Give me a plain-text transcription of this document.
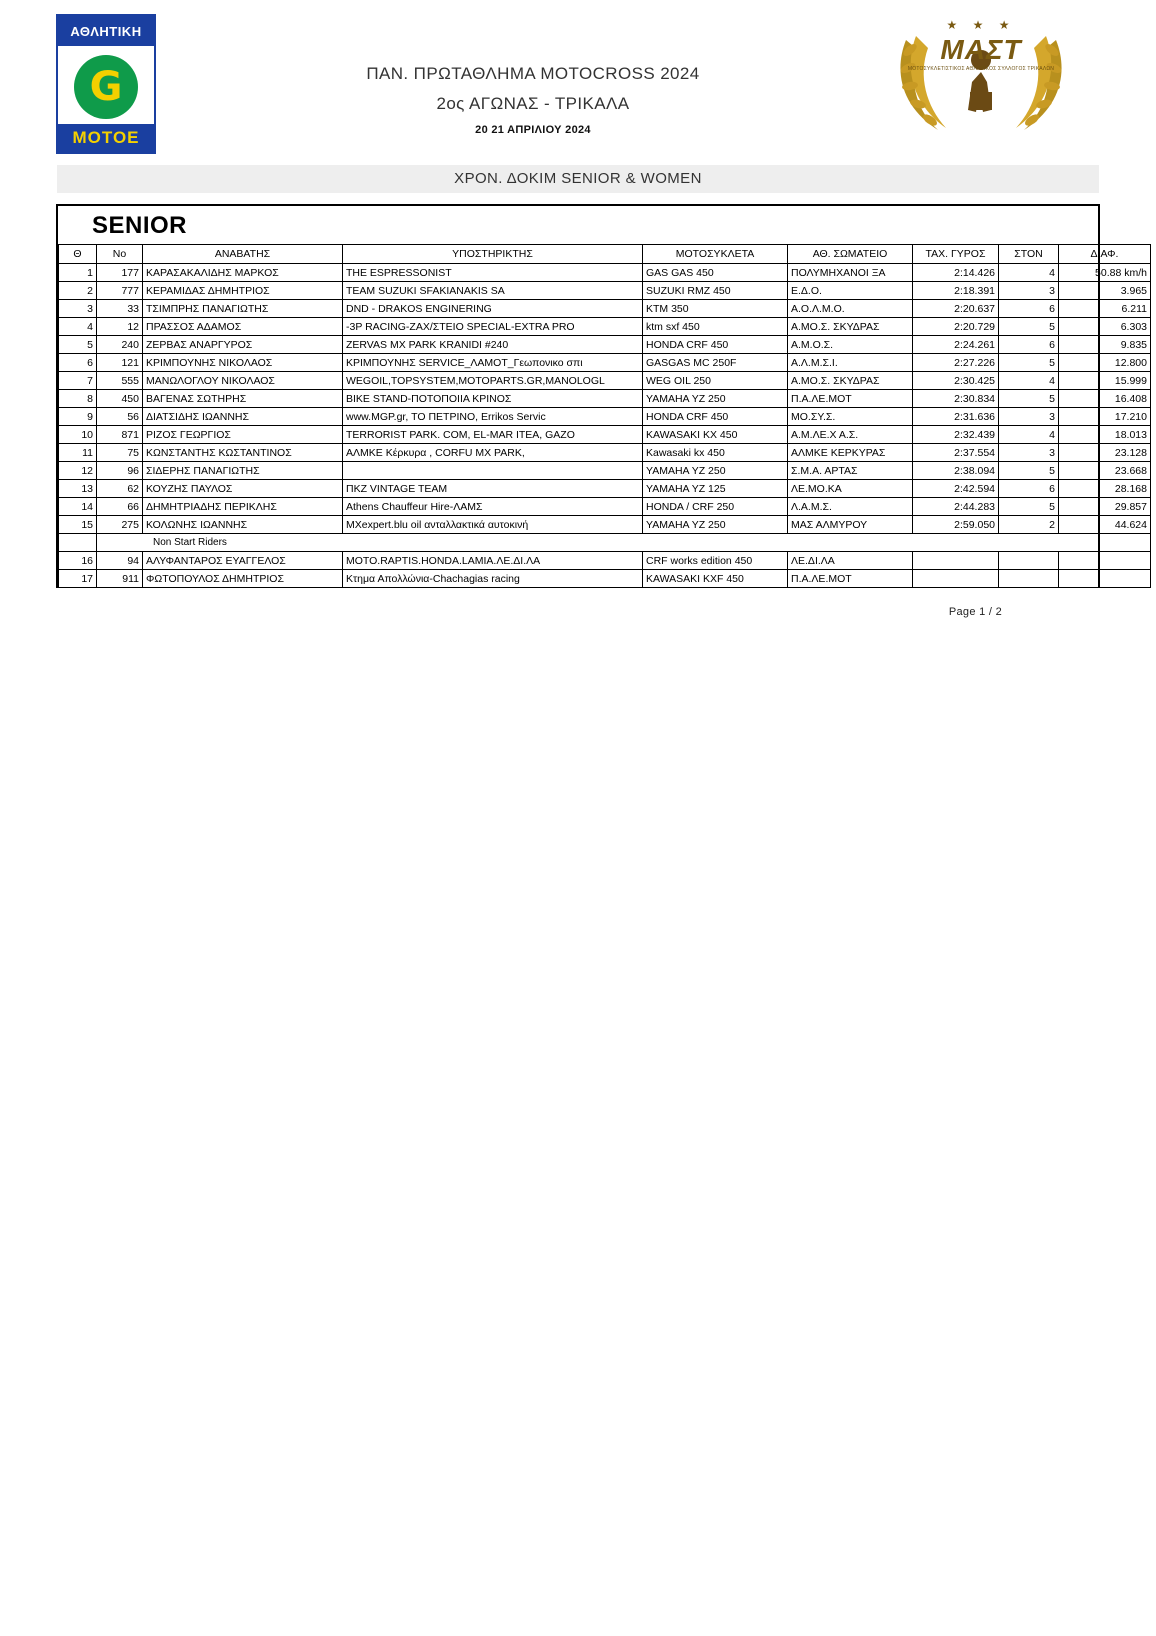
ΑΘΛΗΤΙΚΗ
G
ΜΟΤΟΕ
ΠΑΝ. ΠΡΩΤΑΘΛΗΜΑ MOTOCROSS 2024
2ος ΑΓΩΝΑΣ - ΤΡΙΚΑΛΑ
20 21 ΑΠΡΙΛΙΟΥ 2024
★ ★ ★
ΜΑΣΤ
ΜΟΤΟΣΥΚΛΕΤΙΣΤΙΚΟΣ ΑΘΛΗΤΙΚΟΣ ΣΥΛΛΟΓΟΣ ΤΡΙΚΑΛΩΝ
ΧΡΟΝ. ΔΟΚΙΜ SENIOR & WOMEN
SENIOR
Θ	Νο	ΑΝΑΒΑΤΗΣ	ΥΠΟΣΤΗΡΙΚΤΗΣ	ΜΟΤΟΣΥΚΛΕΤΑ	ΑΘ. ΣΩΜΑΤΕΙΟ	ΤΑΧ. ΓΥΡΟΣ	ΣΤΟΝ	ΔΙΑΦ.
1	177	ΚΑΡΑΣΑΚΑΛΙΔΗΣ ΜΑΡΚΟΣ	THE ESPRESSONIST	GAS GAS 450	ΠΟΛΥΜΗΧΑΝΟΙ ΞΑ	2:14.426	4	50.88 km/h
2	777	ΚΕΡΑΜΙΔΑΣ ΔΗΜΗΤΡΙΟΣ	TEAM SUZUKI SFAKIANAKIS SA	SUZUKI RMZ 450	Ε.Δ.Ο.	2:18.391	3	3.965
3	33	ΤΣΙΜΠΡΗΣ ΠΑΝΑΓΙΩΤΗΣ	DND - DRAKOS ENGINERING	KTM 350	Α.Ο.Λ.Μ.Ο.	2:20.637	6	6.211
4	12	ΠΡΑΣΣΟΣ ΑΔΑΜΟΣ	-3P RACING-ΖΑΧ/ΣΤΕΙΟ SPECIAL-EXTRA PRO	ktm sxf 450	Α.ΜΟ.Σ. ΣΚΥΔΡΑΣ	2:20.729	5	6.303
5	240	ΖΕΡΒΑΣ ΑΝΑΡΓΥΡΟΣ	ZERVAS MX PARK KRANIDI #240	HONDA CRF 450	Α.Μ.Ο.Σ.	2:24.261	6	9.835
6	121	ΚΡΙΜΠΟΥΝΗΣ ΝΙΚΟΛΑΟΣ	ΚΡΙΜΠΟΥΝΗΣ SERVICE_ΛΑΜΟΤ_Γεωπονικο σπι	GASGAS MC 250F	Α.Λ.Μ.Σ.Ι.	2:27.226	5	12.800
7	555	ΜΑΝΩΛΟΓΛΟΥ ΝΙΚΟΛΑΟΣ	WEGOIL,TOPSYSTEM,MOTOPARTS.GR,MANOLOGL	WEG OIL 250	Α.ΜΟ.Σ. ΣΚΥΔΡΑΣ	2:30.425	4	15.999
8	450	ΒΑΓΕΝΑΣ ΣΩΤΗΡΗΣ	BIKE STAND-ΠΟΤΟΠΟΙΙΑ ΚΡΙΝΟΣ	YAMAHA YZ 250	Π.Α.ΛΕ.ΜΟΤ	2:30.834	5	16.408
9	56	ΔΙΑΤΣΙΔΗΣ ΙΩΑΝΝΗΣ	www.MGP.gr, ΤΟ ΠΕΤΡΙΝΟ, Errikos Servic	HONDA CRF 450	ΜΟ.ΣΥ.Σ.	2:31.636	3	17.210
10	871	ΡΙΖΟΣ ΓΕΩΡΓΙΟΣ	TERRORIST PARK. COM, EL-MAR ITEA, GAZO	KAWASAKI KX 450	Α.Μ.ΛΕ.Χ Α.Σ.	2:32.439	4	18.013
11	75	ΚΩΝΣΤΑΝΤΗΣ ΚΩΣΤΑΝΤΙΝΟΣ	ΑΛΜΚΕ Κέρκυρα , CORFU MX PARK,	Kawasaki kx 450	ΑΛΜΚΕ ΚΕΡΚΥΡΑΣ	2:37.554	3	23.128
12	96	ΣΙΔΕΡΗΣ ΠΑΝΑΓΙΩΤΗΣ		YAMAHA YZ 250	Σ.Μ.Α. ΑΡΤΑΣ	2:38.094	5	23.668
13	62	ΚΟΥΖΗΣ ΠΑΥΛΟΣ	ΠΚΖ VINTAGE TEAM	YAMAHA YZ 125	ΛΕ.ΜΟ.ΚΑ	2:42.594	6	28.168
14	66	ΔΗΜΗΤΡΙΑΔΗΣ ΠΕΡΙΚΛΗΣ	Athens Chauffeur Hire-ΛΑΜΣ	HONDA / CRF 250	Λ.Α.Μ.Σ.	2:44.283	5	29.857
15	275	ΚΟΛΩΝΗΣ ΙΩΑΝΝΗΣ	MXexpert.blu oil ανταλλακτικά αυτοκινή	YAMAHA YZ 250	ΜΑΣ ΑΛΜΥΡΟΥ	2:59.050	2	44.624
	Non Start Riders							
16	94	ΑΛΥΦΑΝΤΑΡΟΣ ΕΥΑΓΓΕΛΟΣ	MOTO.RAPTIS.HONDA.LAMIA.ΛΕ.ΔΙ.ΛΑ	CRF works edition 450	ΛΕ.ΔΙ.ΛΑ			
17	911	ΦΩΤΟΠΟΥΛΟΣ ΔΗΜΗΤΡΙΟΣ	Κτημα Απολλώνια-Chachagias racing	KAWASAKI KXF 450	Π.Α.ΛΕ.ΜΟΤ			
Page 1 / 2
